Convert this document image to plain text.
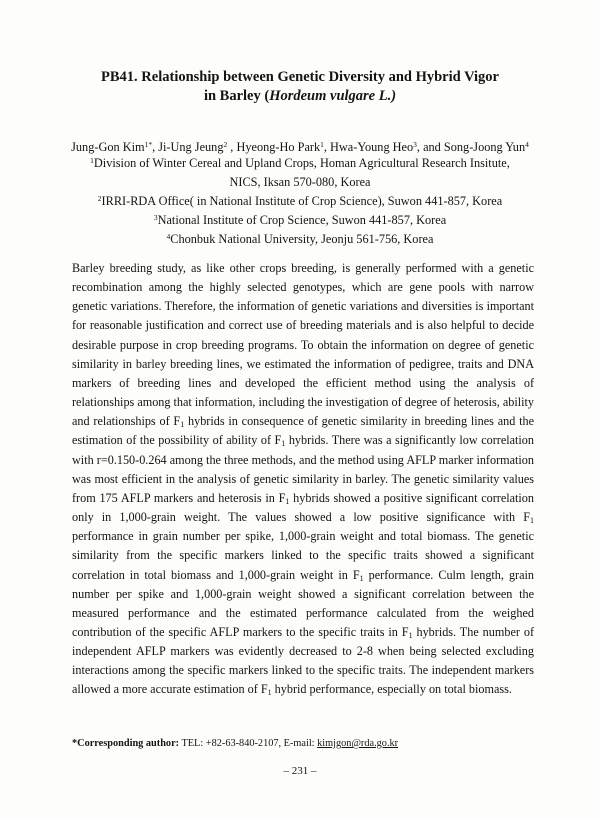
PB41. Relationship between Genetic Diversity and Hybrid Vigor
in Barley (Hordeum vulgare L.)
Jung-Gon Kim$^{1*}$, Ji-Ung Jeung$^2$ , Hyeong-Ho Park$^1$, Hwa-Young Heo$^3$, and Song-Joong Yun$^4$
$^1$Division of Winter Cereal and Upland Crops, Homan Agricultural Research Insitute,
NICS, Iksan 570-080, Korea
$^2$IRRI-RDA Office( in National Institute of Crop Science), Suwon 441-857, Korea
$^3$National Institute of Crop Science, Suwon 441-857, Korea
$^4$Chonbuk National University, Jeonju 561-756, Korea
Barley breeding study, as like other crops breeding, is generally performed with a genetic recombination among the highly selected genotypes, which are gene pools with narrow genetic variations. Therefore, the information of genetic variations and diversities is important for reasonable justification and correct use of breeding materials and is also helpful to decide desirable purpose in crop breeding programs. To obtain the information on degree of genetic similarity in barley breeding lines, we estimated the information of pedigree, traits and DNA markers of breeding lines and developed the efficient method using the analysis of relationships among that information, including the investigation of degree of heterosis, ability and relationships of $F_1$ hybrids in consequence of genetic similarity in breeding lines and the estimation of the possibility of ability of $F_1$ hybrids. There was a significantly low correlation with r=0.150-0.264 among the three methods, and the method using AFLP marker information was most efficient in the analysis of genetic similarity in barley. The genetic similarity values from 175 AFLP markers and heterosis in $F_1$ hybrids showed a positive significant correlation only in 1,000-grain weight. The values showed a low positive significance with $F_1$ performance in grain number per spike, 1,000-grain weight and total biomass. The genetic similarity from the specific markers linked to the specific traits showed a significant correlation in total biomass and 1,000-grain weight in $F_1$ performance. Culm length, grain number per spike and 1,000-grain weight showed a significant correlation between the measured performance and the estimated performance calculated from the weighed contribution of the specific AFLP markers to the specific traits in $F_1$ hybrids. The number of independent AFLP markers was evidently decreased to 2-8 when being selected excluding interactions among the specific markers linked to the specific traits. The independent markers allowed a more accurate estimation of $F_1$ hybrid performance, especially on total biomass.
*Corresponding author: TEL: +82-63-840-2107, E-mail: kimjgon@rda.go.kr
– 231 –
